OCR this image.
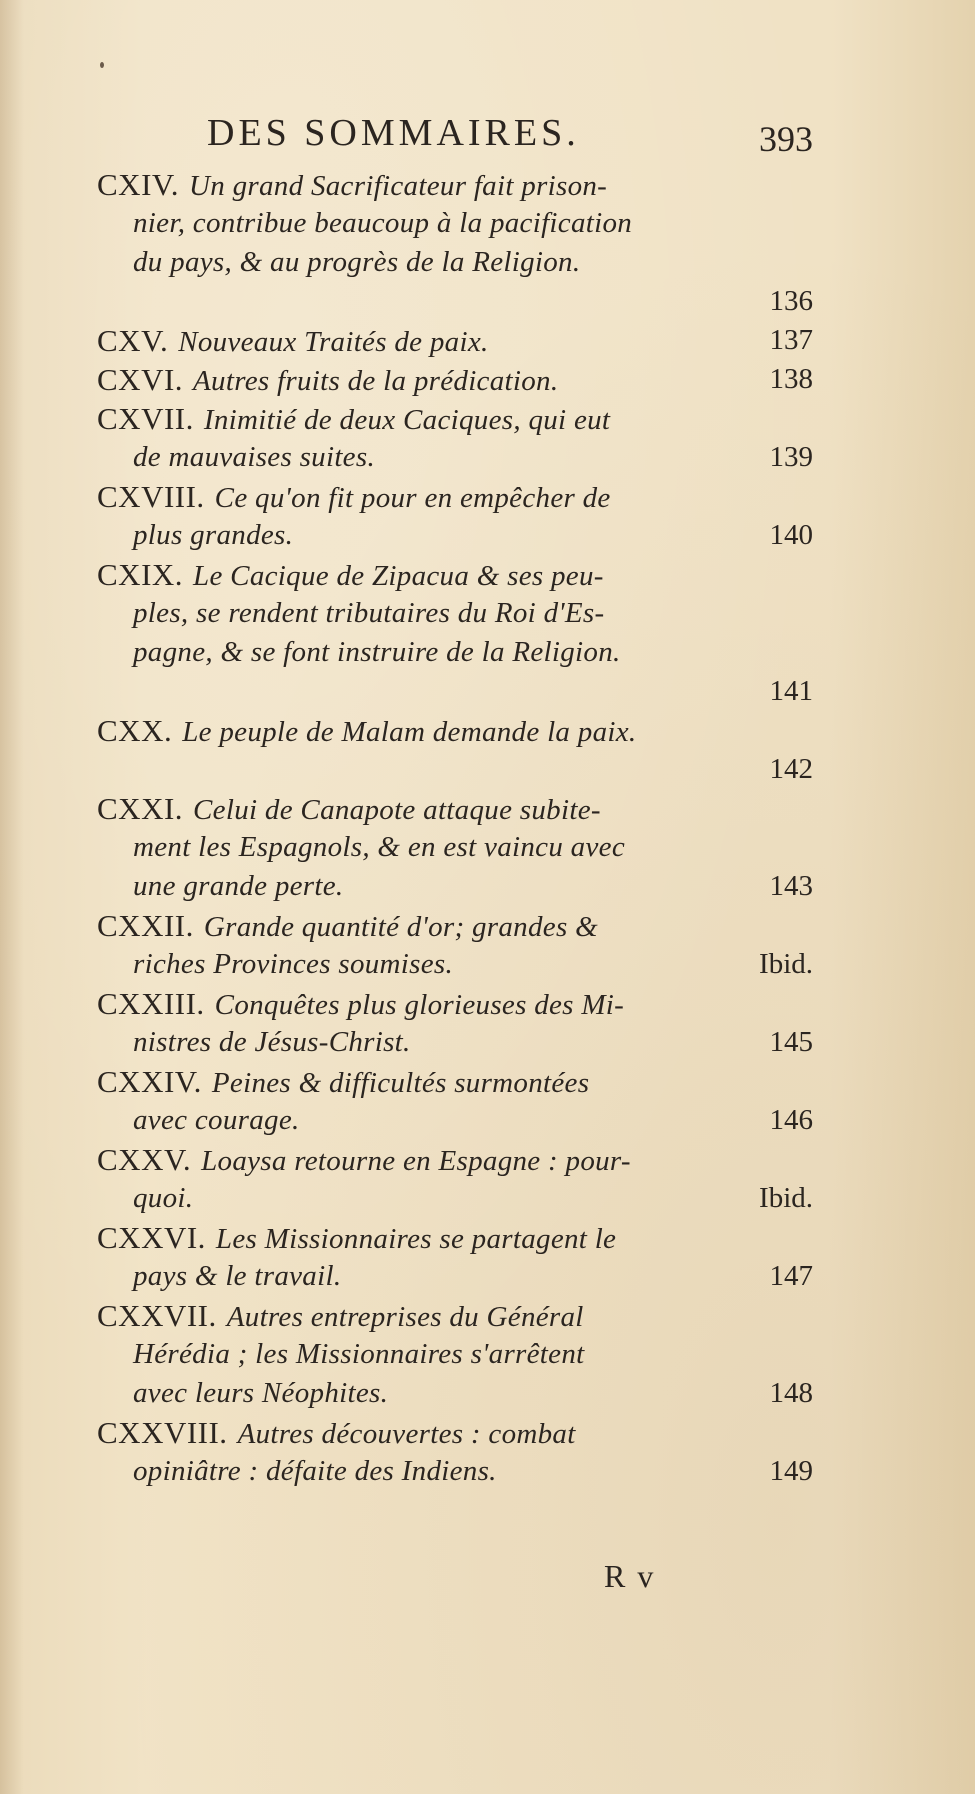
DES SOMMAIRES.	393
CXIV. Un grand Sacrificateur fait prison-
nier, contribue beaucoup à la pacification
du pays, & au progrès de la Religion.
136
CXV. Nouveaux Traités de paix.	137
CXVI. Autres fruits de la prédication.	138
CXVII. Inimitié de deux Caciques, qui eut
de mauvaises suites.	139
CXVIII. Ce qu'on fit pour en empêcher de
plus grandes.	140
CXIX. Le Cacique de Zipacua & ses peu-
ples, se rendent tributaires du Roi d'Es-
pagne, & se font instruire de la Religion.
141
CXX. Le peuple de Malam demande la paix.
142
CXXI. Celui de Canapote attaque subite-
ment les Espagnols, & en est vaincu avec
une grande perte.	143
CXXII. Grande quantité d'or; grandes &
riches Provinces soumises.	Ibid.
CXXIII. Conquêtes plus glorieuses des Mi-
nistres de Jésus-Christ.	145
CXXIV. Peines & difficultés surmontées
avec courage.	146
CXXV. Loaysa retourne en Espagne : pour-
quoi.	Ibid.
CXXVI. Les Missionnaires se partagent le
pays & le travail.	147
CXXVII. Autres entreprises du Général
Hérédia ; les Missionnaires s'arrêtent
avec leurs Néophites.	148
CXXVIII. Autres découvertes : combat
opiniâtre : défaite des Indiens.	149
R v
